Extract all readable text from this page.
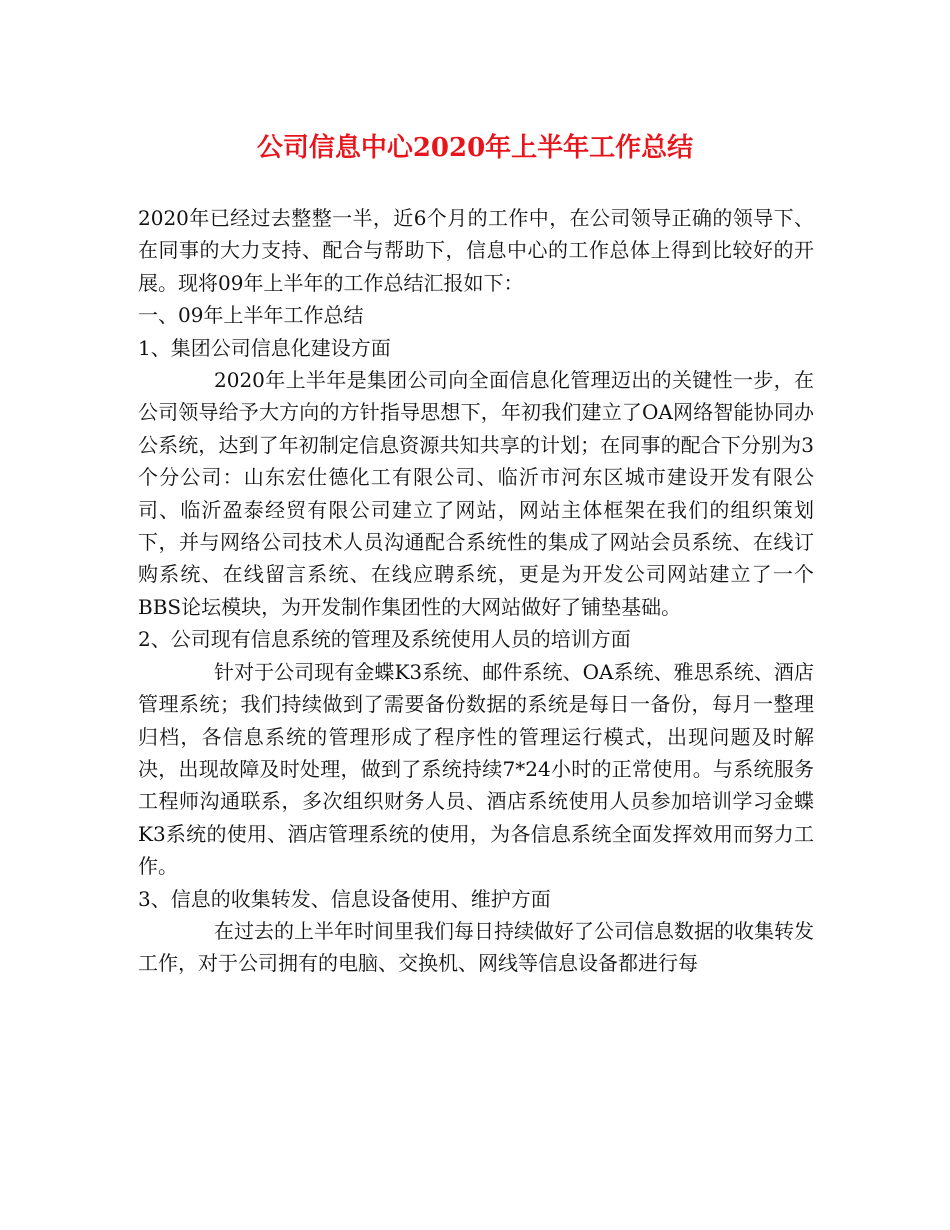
公司信息中心2020年上半年工作总结

2020年已经过去整整一半，近6个月的工作中，在公司领导正确的领导下、在同事的大力支持、配合与帮助下，信息中心的工作总体上得到比较好的开展。现将09年上半年的工作总结汇报如下：

一、09年上半年工作总结

1、集团公司信息化建设方面

2020年上半年是集团公司向全面信息化管理迈出的关键性一步，在公司领导给予大方向的方针指导思想下，年初我们建立了OA网络智能协同办公系统，达到了年初制定信息资源共知共享的计划；在同事的配合下分别为3个分公司：山东宏仕德化工有限公司、临沂市河东区城市建设开发有限公司、临沂盈泰经贸有限公司建立了网站，网站主体框架在我们的组织策划下，并与网络公司技术人员沟通配合系统性的集成了网站会员系统、在线订购系统、在线留言系统、在线应聘系统，更是为开发公司网站建立了一个BBS论坛模块，为开发制作集团性的大网站做好了铺垫基础。

2、公司现有信息系统的管理及系统使用人员的培训方面

针对于公司现有金蝶K3系统、邮件系统、OA系统、雅思系统、酒店管理系统；我们持续做到了需要备份数据的系统是每日一备份，每月一整理归档，各信息系统的管理形成了程序性的管理运行模式，出现问题及时解决，出现故障及时处理，做到了系统持续7*24小时的正常使用。与系统服务工程师沟通联系，多次组织财务人员、酒店系统使用人员参加培训学习金蝶K3系统的使用、酒店管理系统的使用，为各信息系统全面发挥效用而努力工作。

3、信息的收集转发、信息设备使用、维护方面

在过去的上半年时间里我们每日持续做好了公司信息数据的收集转发工作，对于公司拥有的电脑、交换机、网线等信息设备都进行每
